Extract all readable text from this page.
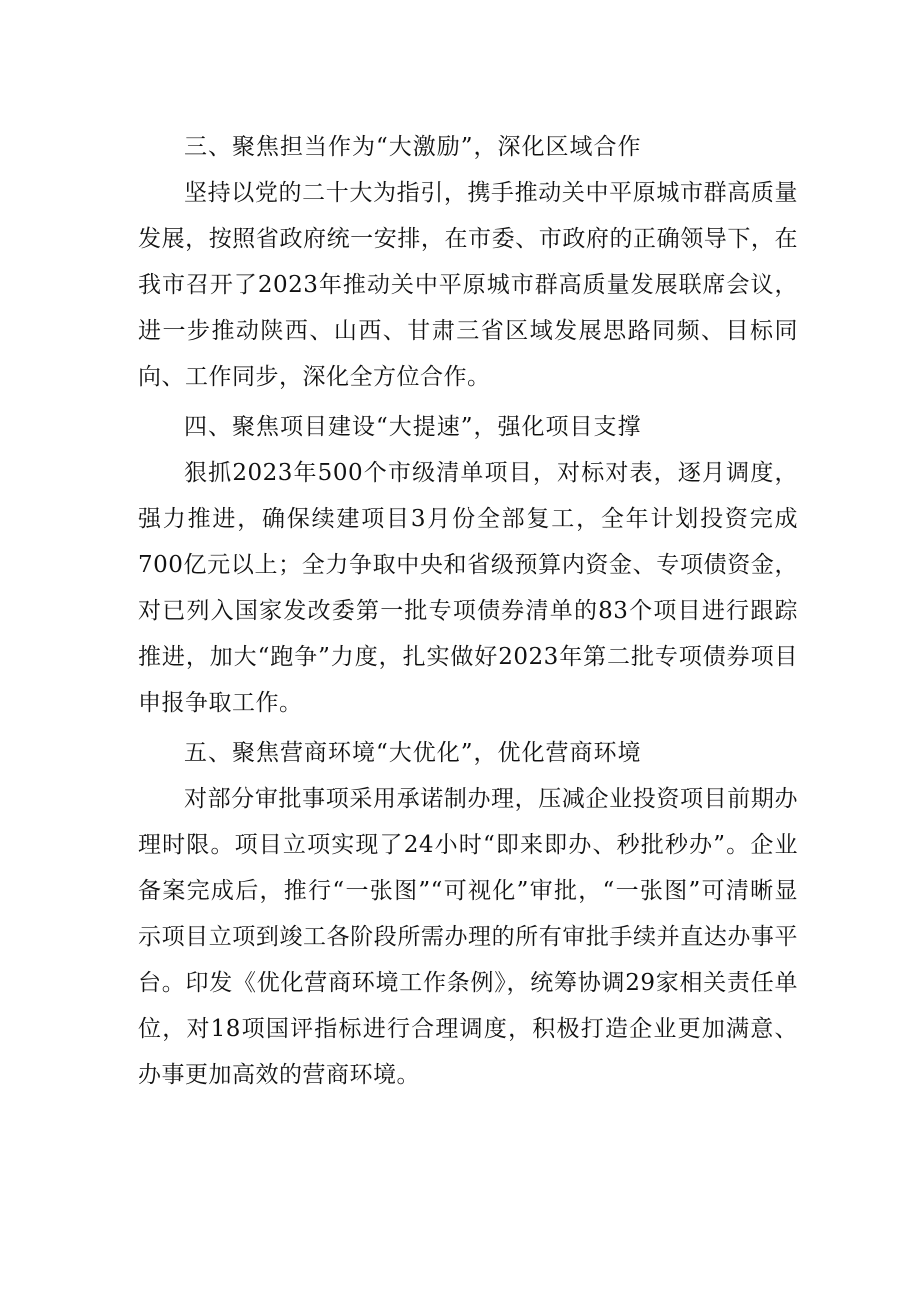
三、聚焦担当作为“大激励”，深化区域合作

坚持以党的二十大为指引，携手推动关中平原城市群高质量发展，按照省政府统一安排，在市委、市政府的正确领导下，在我市召开了2023年推动关中平原城市群高质量发展联席会议，进一步推动陕西、山西、甘肃三省区域发展思路同频、目标同向、工作同步，深化全方位合作。

四、聚焦项目建设“大提速”，强化项目支撑

狠抓2023年500个市级清单项目，对标对表，逐月调度，强力推进，确保续建项目3月份全部复工，全年计划投资完成700亿元以上；全力争取中央和省级预算内资金、专项债资金，对已列入国家发改委第一批专项债券清单的83个项目进行跟踪推进，加大“跑争”力度，扎实做好2023年第二批专项债券项目申报争取工作。

五、聚焦营商环境“大优化”，优化营商环境

对部分审批事项采用承诺制办理，压减企业投资项目前期办理时限。项目立项实现了24小时“即来即办、秒批秒办”。企业备案完成后，推行“一张图”“可视化”审批，“一张图”可清晰显示项目立项到竣工各阶段所需办理的所有审批手续并直达办事平台。印发《优化营商环境工作条例》，统筹协调29家相关责任单位，对18项国评指标进行合理调度，积极打造企业更加满意、办事更加高效的营商环境。
